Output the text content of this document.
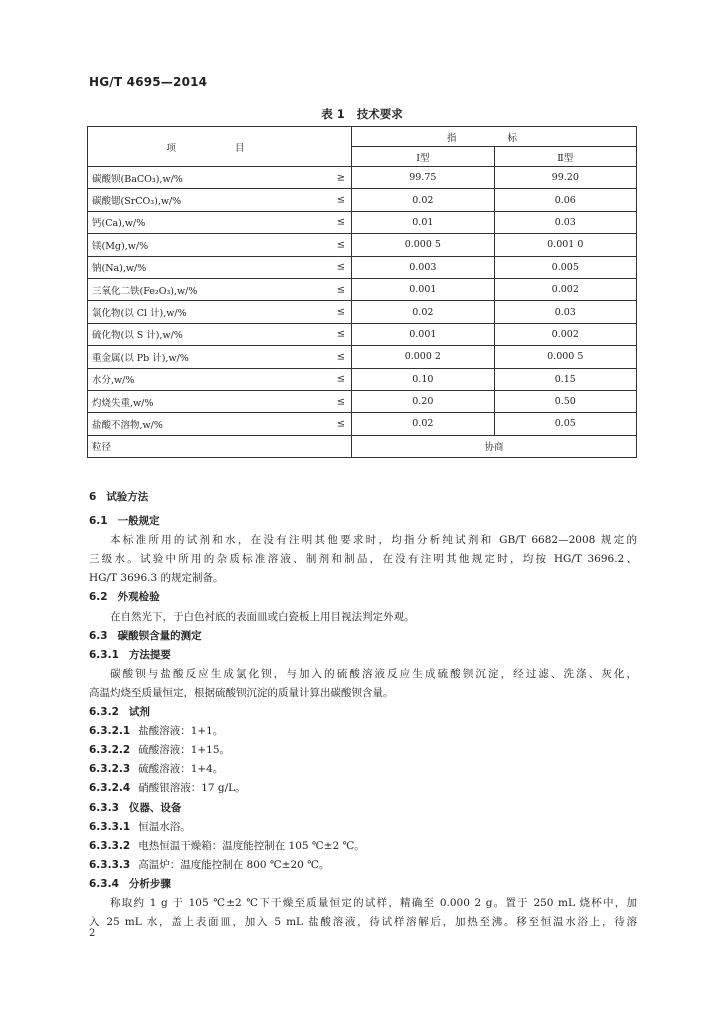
HG/T 4695—2014
表 1 技术要求
项 目	指 标	
	Ⅰ型	Ⅱ型
碳酸钡(BaCO₃),w/% ≥	99.75	99.20
碳酸锶(SrCO₃),w/% ≤	0.02	0.06
钙(Ca),w/% ≤	0.01	0.03
镁(Mg),w/% ≤	0.000 5	0.001 0
钠(Na),w/% ≤	0.003	0.005
三氧化二铁(Fe₂O₃),w/% ≤	0.001	0.002
氯化物(以 Cl 计),w/% ≤	0.02	0.03
硫化物(以 S 计),w/% ≤	0.001	0.002
重金属(以 Pb 计),w/% ≤	0.000 2	0.000 5
水分,w/% ≤	0.10	0.15
灼烧失重,w/% ≤	0.20	0.50
盐酸不溶物,w/% ≤	0.02	0.05
粒径	协商	
6 试验方法
6.1 一般规定
本标准所用的试剂和水，在没有注明其他要求时，均指分析纯试剂和 GB/T 6682—2008 规定的
三级水。试验中所用的杂质标准溶液、制剂和制品，在没有注明其他规定时，均按 HG/T 3696.2、
HG/T 3696.3 的规定制备。
6.2 外观检验
在自然光下，于白色衬底的表面皿或白瓷板上用目视法判定外观。
6.3 碳酸钡含量的测定
6.3.1 方法提要
碳酸钡与盐酸反应生成氯化钡，与加入的硫酸溶液反应生成硫酸钡沉淀，经过滤、洗涤、灰化，
高温灼烧至质量恒定，根据硫酸钡沉淀的质量计算出碳酸钡含量。
6.3.2 试剂
6.3.2.1 盐酸溶液：1+1。
6.3.2.2 硫酸溶液：1+15。
6.3.2.3 硫酸溶液：1+4。
6.3.2.4 硝酸银溶液：17 g/L。
6.3.3 仪器、设备
6.3.3.1 恒温水浴。
6.3.3.2 电热恒温干燥箱：温度能控制在 105 ℃±2 ℃。
6.3.3.3 高温炉：温度能控制在 800 ℃±20 ℃。
6.3.4 分析步骤
称取约 1 g 于 105 ℃±2 ℃下干燥至质量恒定的试样，精确至 0.000 2 g。置于 250 mL 烧杯中，加
入 25 mL 水，盖上表面皿，加入 5 mL 盐酸溶液，待试样溶解后，加热至沸。移至恒温水浴上，待溶
2
